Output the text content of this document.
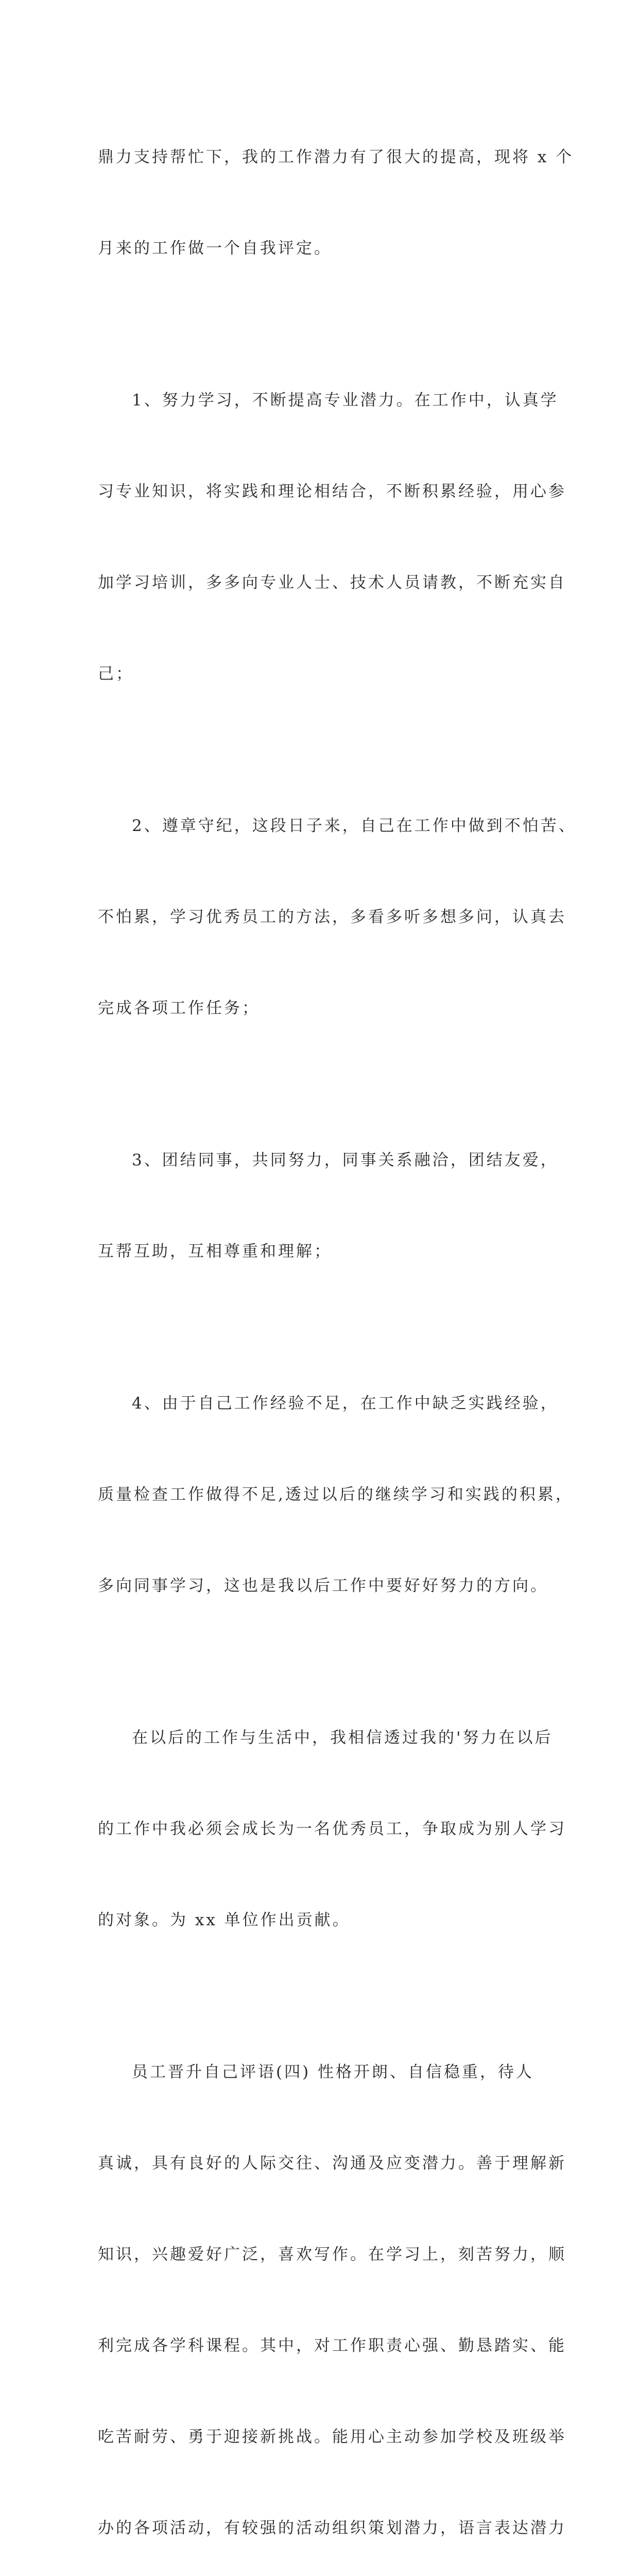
鼎力支持帮忙下，我的工作潜力有了很大的提高，现将 x 个

月来的工作做一个自我评定。

1、努力学习，不断提高专业潜力。在工作中，认真学

习专业知识，将实践和理论相结合，不断积累经验，用心参

加学习培训，多多向专业人士、技术人员请教，不断充实自

己；

2、遵章守纪，这段日子来，自己在工作中做到不怕苦、

不怕累，学习优秀员工的方法，多看多听多想多问，认真去

完成各项工作任务；

3、团结同事，共同努力，同事关系融洽，团结友爱，

互帮互助，互相尊重和理解；

4、由于自己工作经验不足，在工作中缺乏实践经验，

质量检查工作做得不足,透过以后的继续学习和实践的积累，

多向同事学习，这也是我以后工作中要好好努力的方向。

在以后的工作与生活中，我相信透过我的'努力在以后

的工作中我必须会成长为一名优秀员工，争取成为别人学习

的对象。为 xx 单位作出贡献。

员工晋升自己评语(四) 性格开朗、自信稳重，待人

真诚，具有良好的人际交往、沟通及应变潜力。善于理解新

知识，兴趣爱好广泛，喜欢写作。在学习上，刻苦努力，顺

利完成各学科课程。其中，对工作职责心强、勤恳踏实、能

吃苦耐劳、勇于迎接新挑战。能用心主动参加学校及班级举

办的各项活动，有较强的活动组织策划潜力，语言表达潜力
